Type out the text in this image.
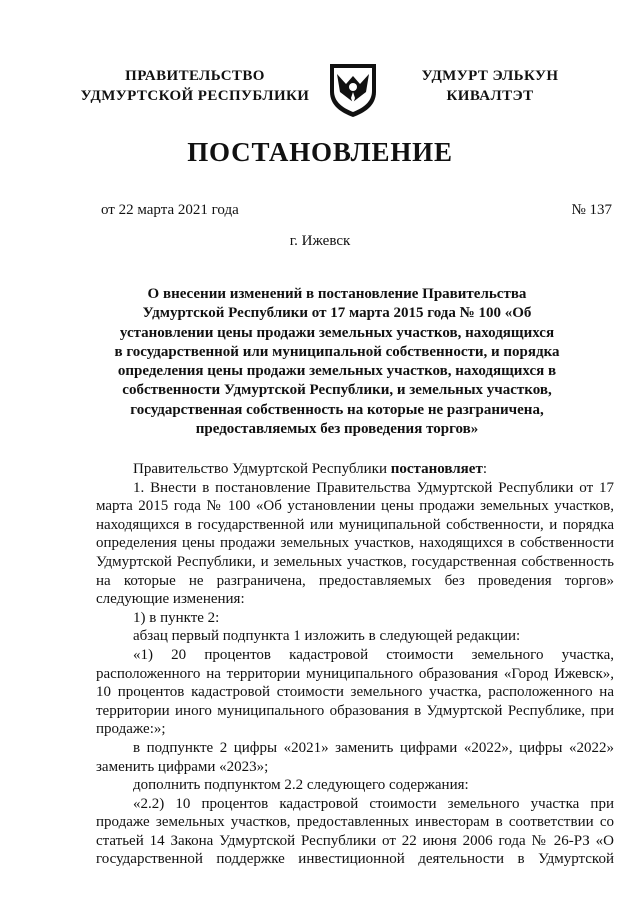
ПРАВИТЕЛЬСТВО
УДМУРТСКОЙ РЕСПУБЛИКИ
УДМУРТ ЭЛЬКУН
КИВАЛТЭТ
ПОСТАНОВЛЕНИЕ
от 22 марта 2021 года	№ 137
г. Ижевск
О внесении изменений в постановление Правительства
Удмуртской Республики от 17 марта 2015 года № 100 «Об
установлении цены продажи земельных участков, находящихся
в государственной или муниципальной собственности, и порядка
определения цены продажи земельных участков, находящихся в
собственности Удмуртской Республики, и земельных участков,
государственная собственность на которые не разграничена,
предоставляемых без проведения торгов»

Правительство Удмуртской Республики постановляет:

1. Внести в постановление Правительства Удмуртской Республики от 17 марта 2015 года № 100 «Об установлении цены продажи земельных участков, находящихся в государственной или муниципальной собственности, и порядка определения цены продажи земельных участков, находящихся в собственности Удмуртской Республики, и земельных участков, государственная собственность на которые не разграничена, предоставляемых без проведения торгов» следующие изменения:

1) в пункте 2:

абзац первый подпункта 1 изложить в следующей редакции:

«1) 20 процентов кадастровой стоимости земельного участка, расположенного на территории муниципального образования «Город Ижевск», 10 процентов кадастровой стоимости земельного участка, расположенного на территории иного муниципального образования в Удмуртской Республике, при продаже:»;

в подпункте 2 цифры «2021» заменить цифрами «2022», цифры «2022» заменить цифрами «2023»;

дополнить подпунктом 2.2 следующего содержания:

«2.2) 10 процентов кадастровой стоимости земельного участка при продаже земельных участков, предоставленных инвесторам в соответствии со статьей 14 Закона Удмуртской Республики от 22 июня 2006 года № 26-РЗ «О государственной поддержке инвестиционной деятельности в Удмуртской
